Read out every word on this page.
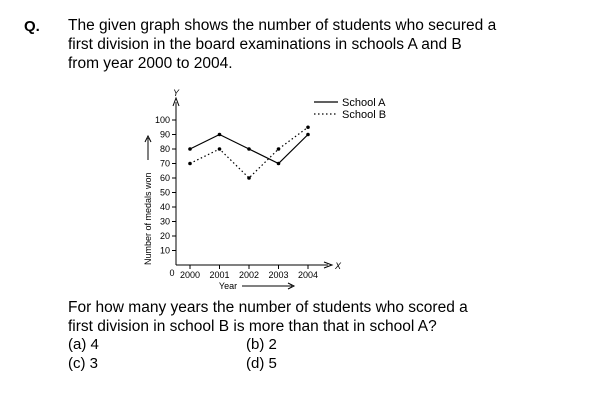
Q. The given graph shows the number of students who secured a

first division in the board examinations in schools A and B

from year 2000 to 2004.

Y
X
0
Year
Number of medals won 10
20
30
40
50
60
70
80
90
100
2000 2001 2002 2003 2004
School A
School B

For how many years the number of students who scored a

first division in school B is more than that in school A?

(a) 4	(b) 2
(c) 3	(d) 5
